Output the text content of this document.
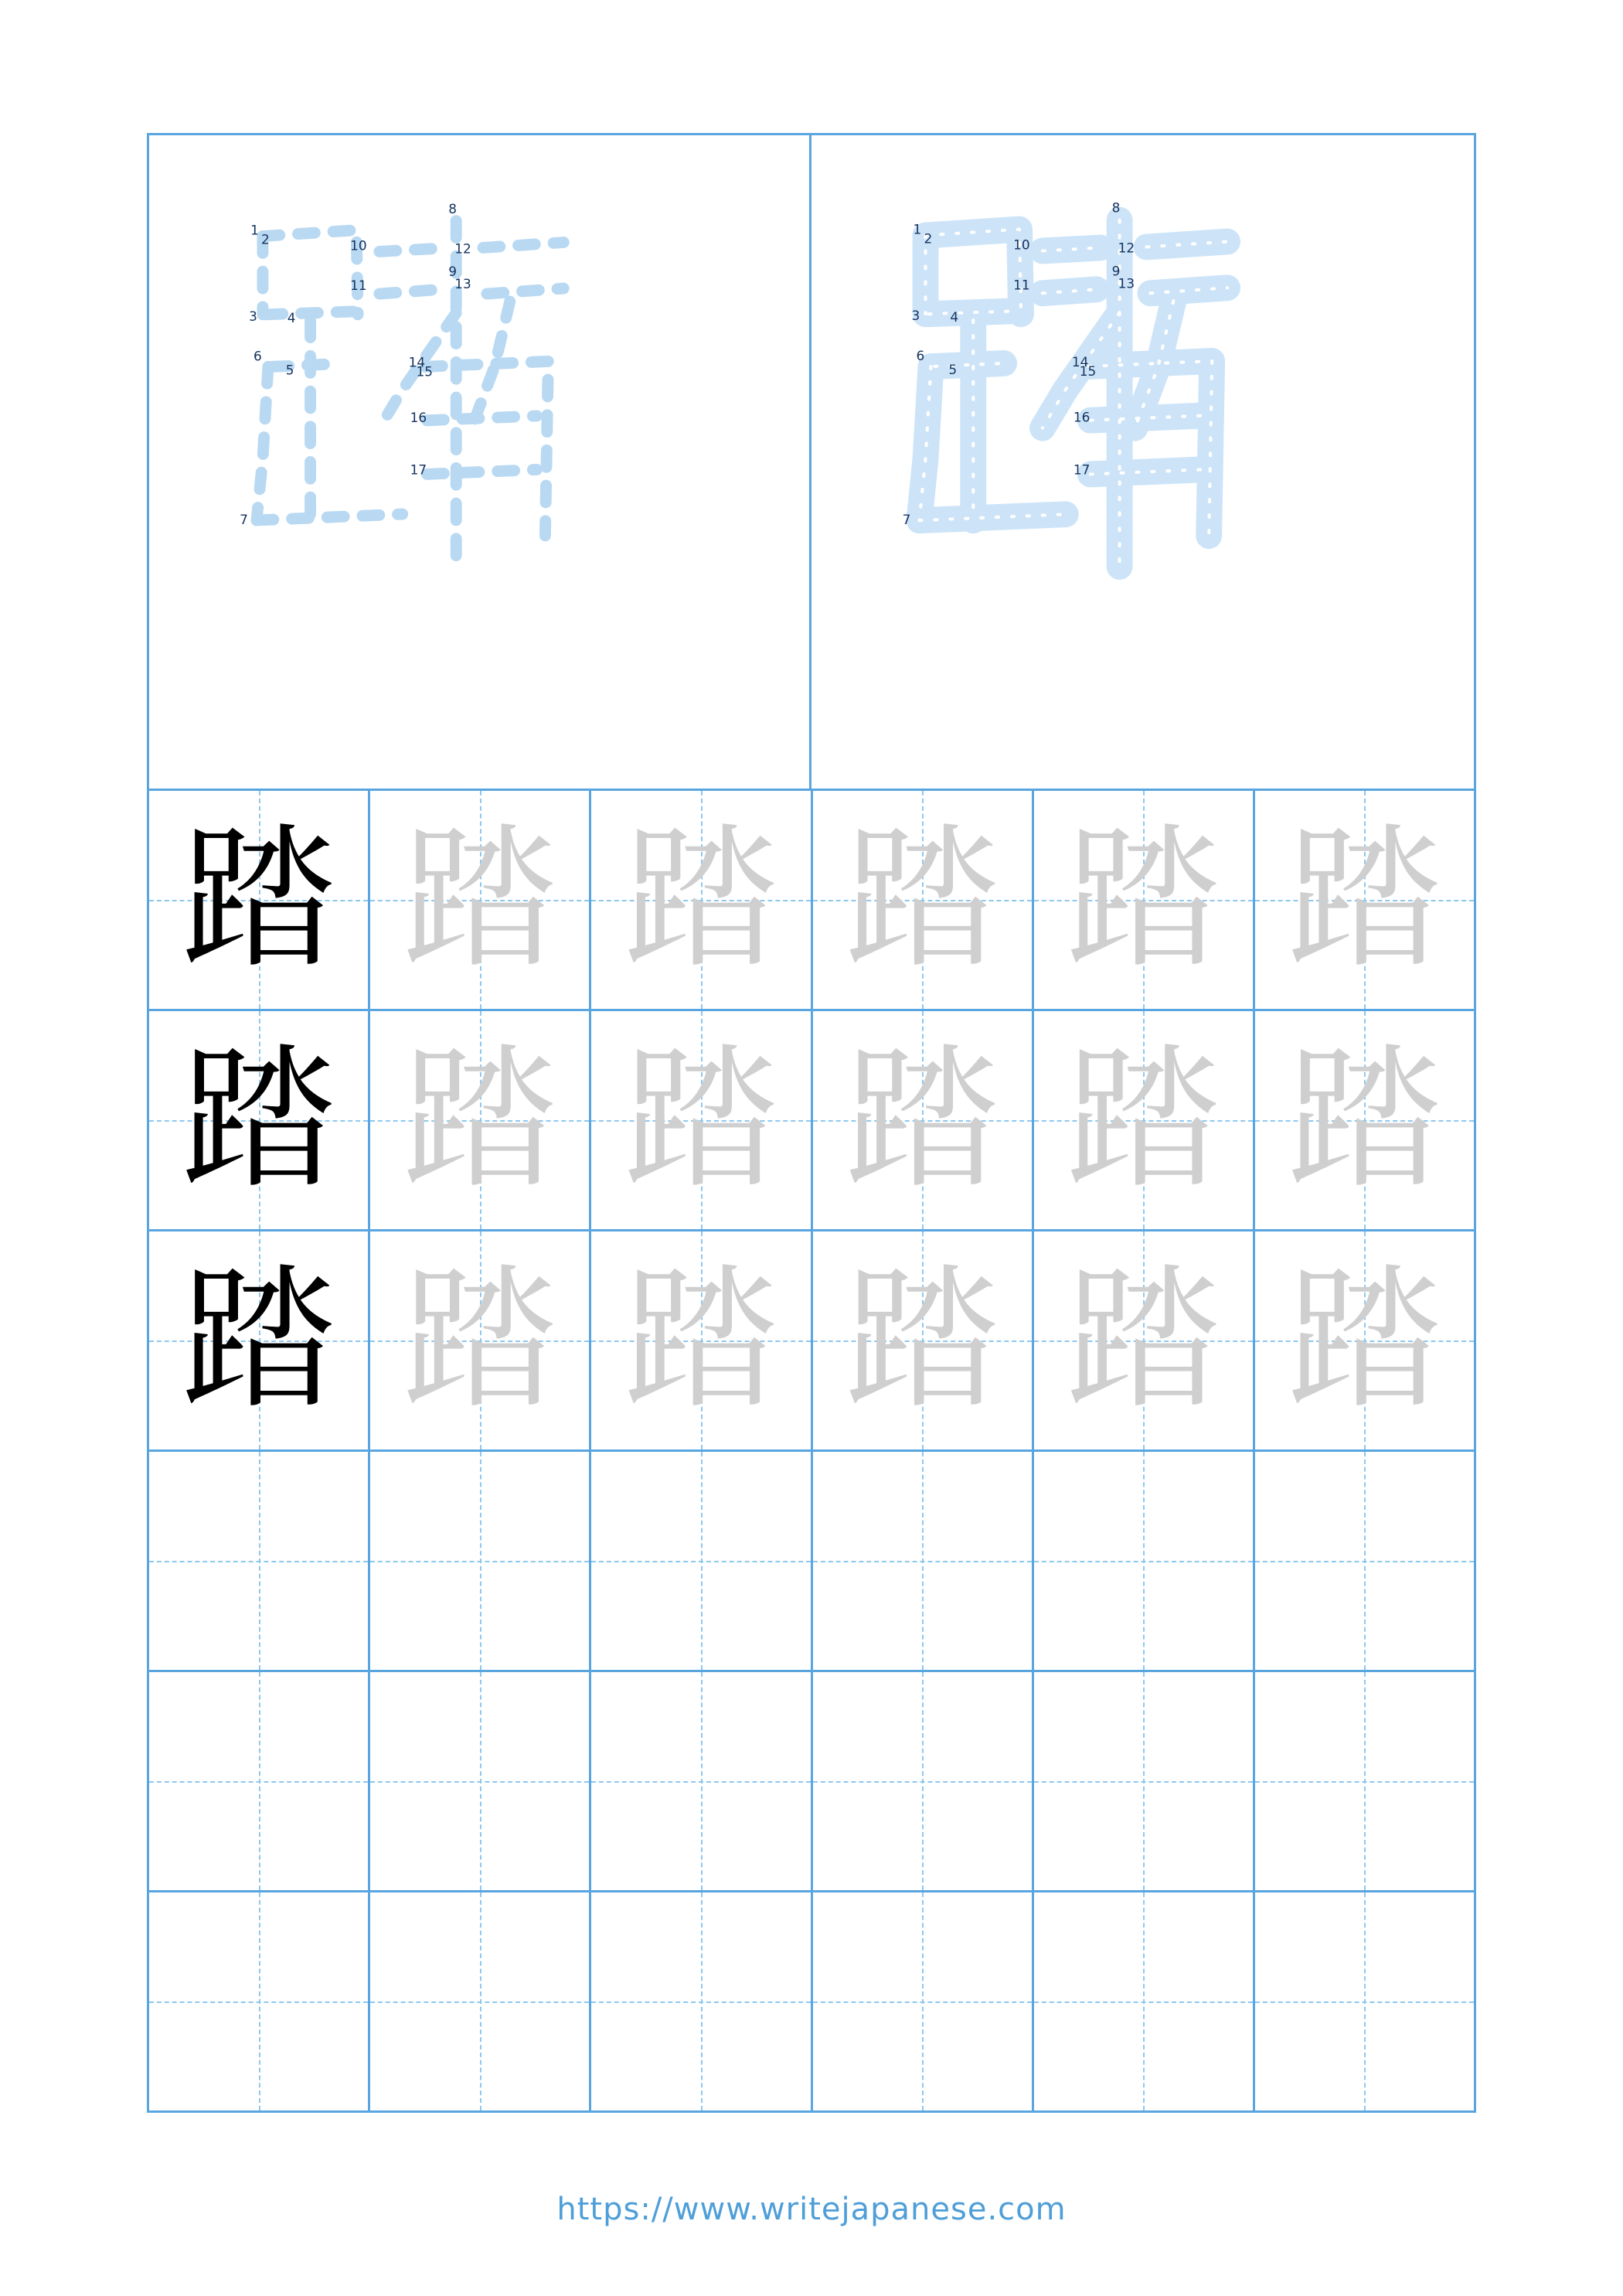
1
2
3 4
5
6
7
8
9
10
11
12
13
14
15
16
17
1
2
3 4
5
6
7
8
9
10
11
12
13
14
15
16
17
踏 踏 踏 踏 踏 踏
踏 踏 踏 踏 踏 踏
踏 踏 踏 踏 踏 踏
https://www.writejapanese.com
